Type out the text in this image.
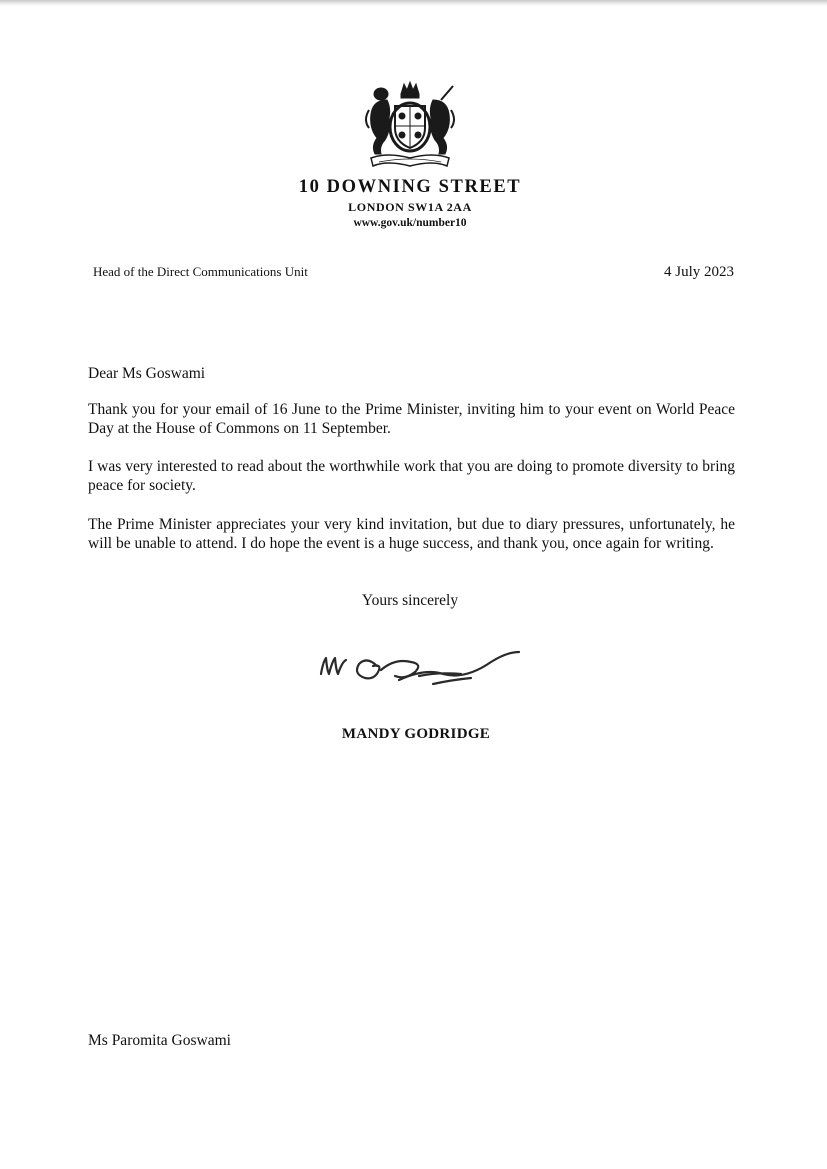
10 DOWNING STREET
LONDON SW1A 2AA
www.gov.uk/number10
Head of the Direct Communications Unit	4 July 2023
Dear Ms Goswami

Thank you for your email of 16 June to the Prime Minister, inviting him to your event on World Peace Day at the House of Commons on 11 September.

I was very interested to read about the worthwhile work that you are doing to promote diversity to bring peace for society.

The Prime Minister appreciates your very kind invitation, but due to diary pressures, unfortunately, he will be unable to attend. I do hope the event is a huge success, and thank you, once again for writing.

Yours sincerely
MANDY GODRIDGE
Ms Paromita Goswami
